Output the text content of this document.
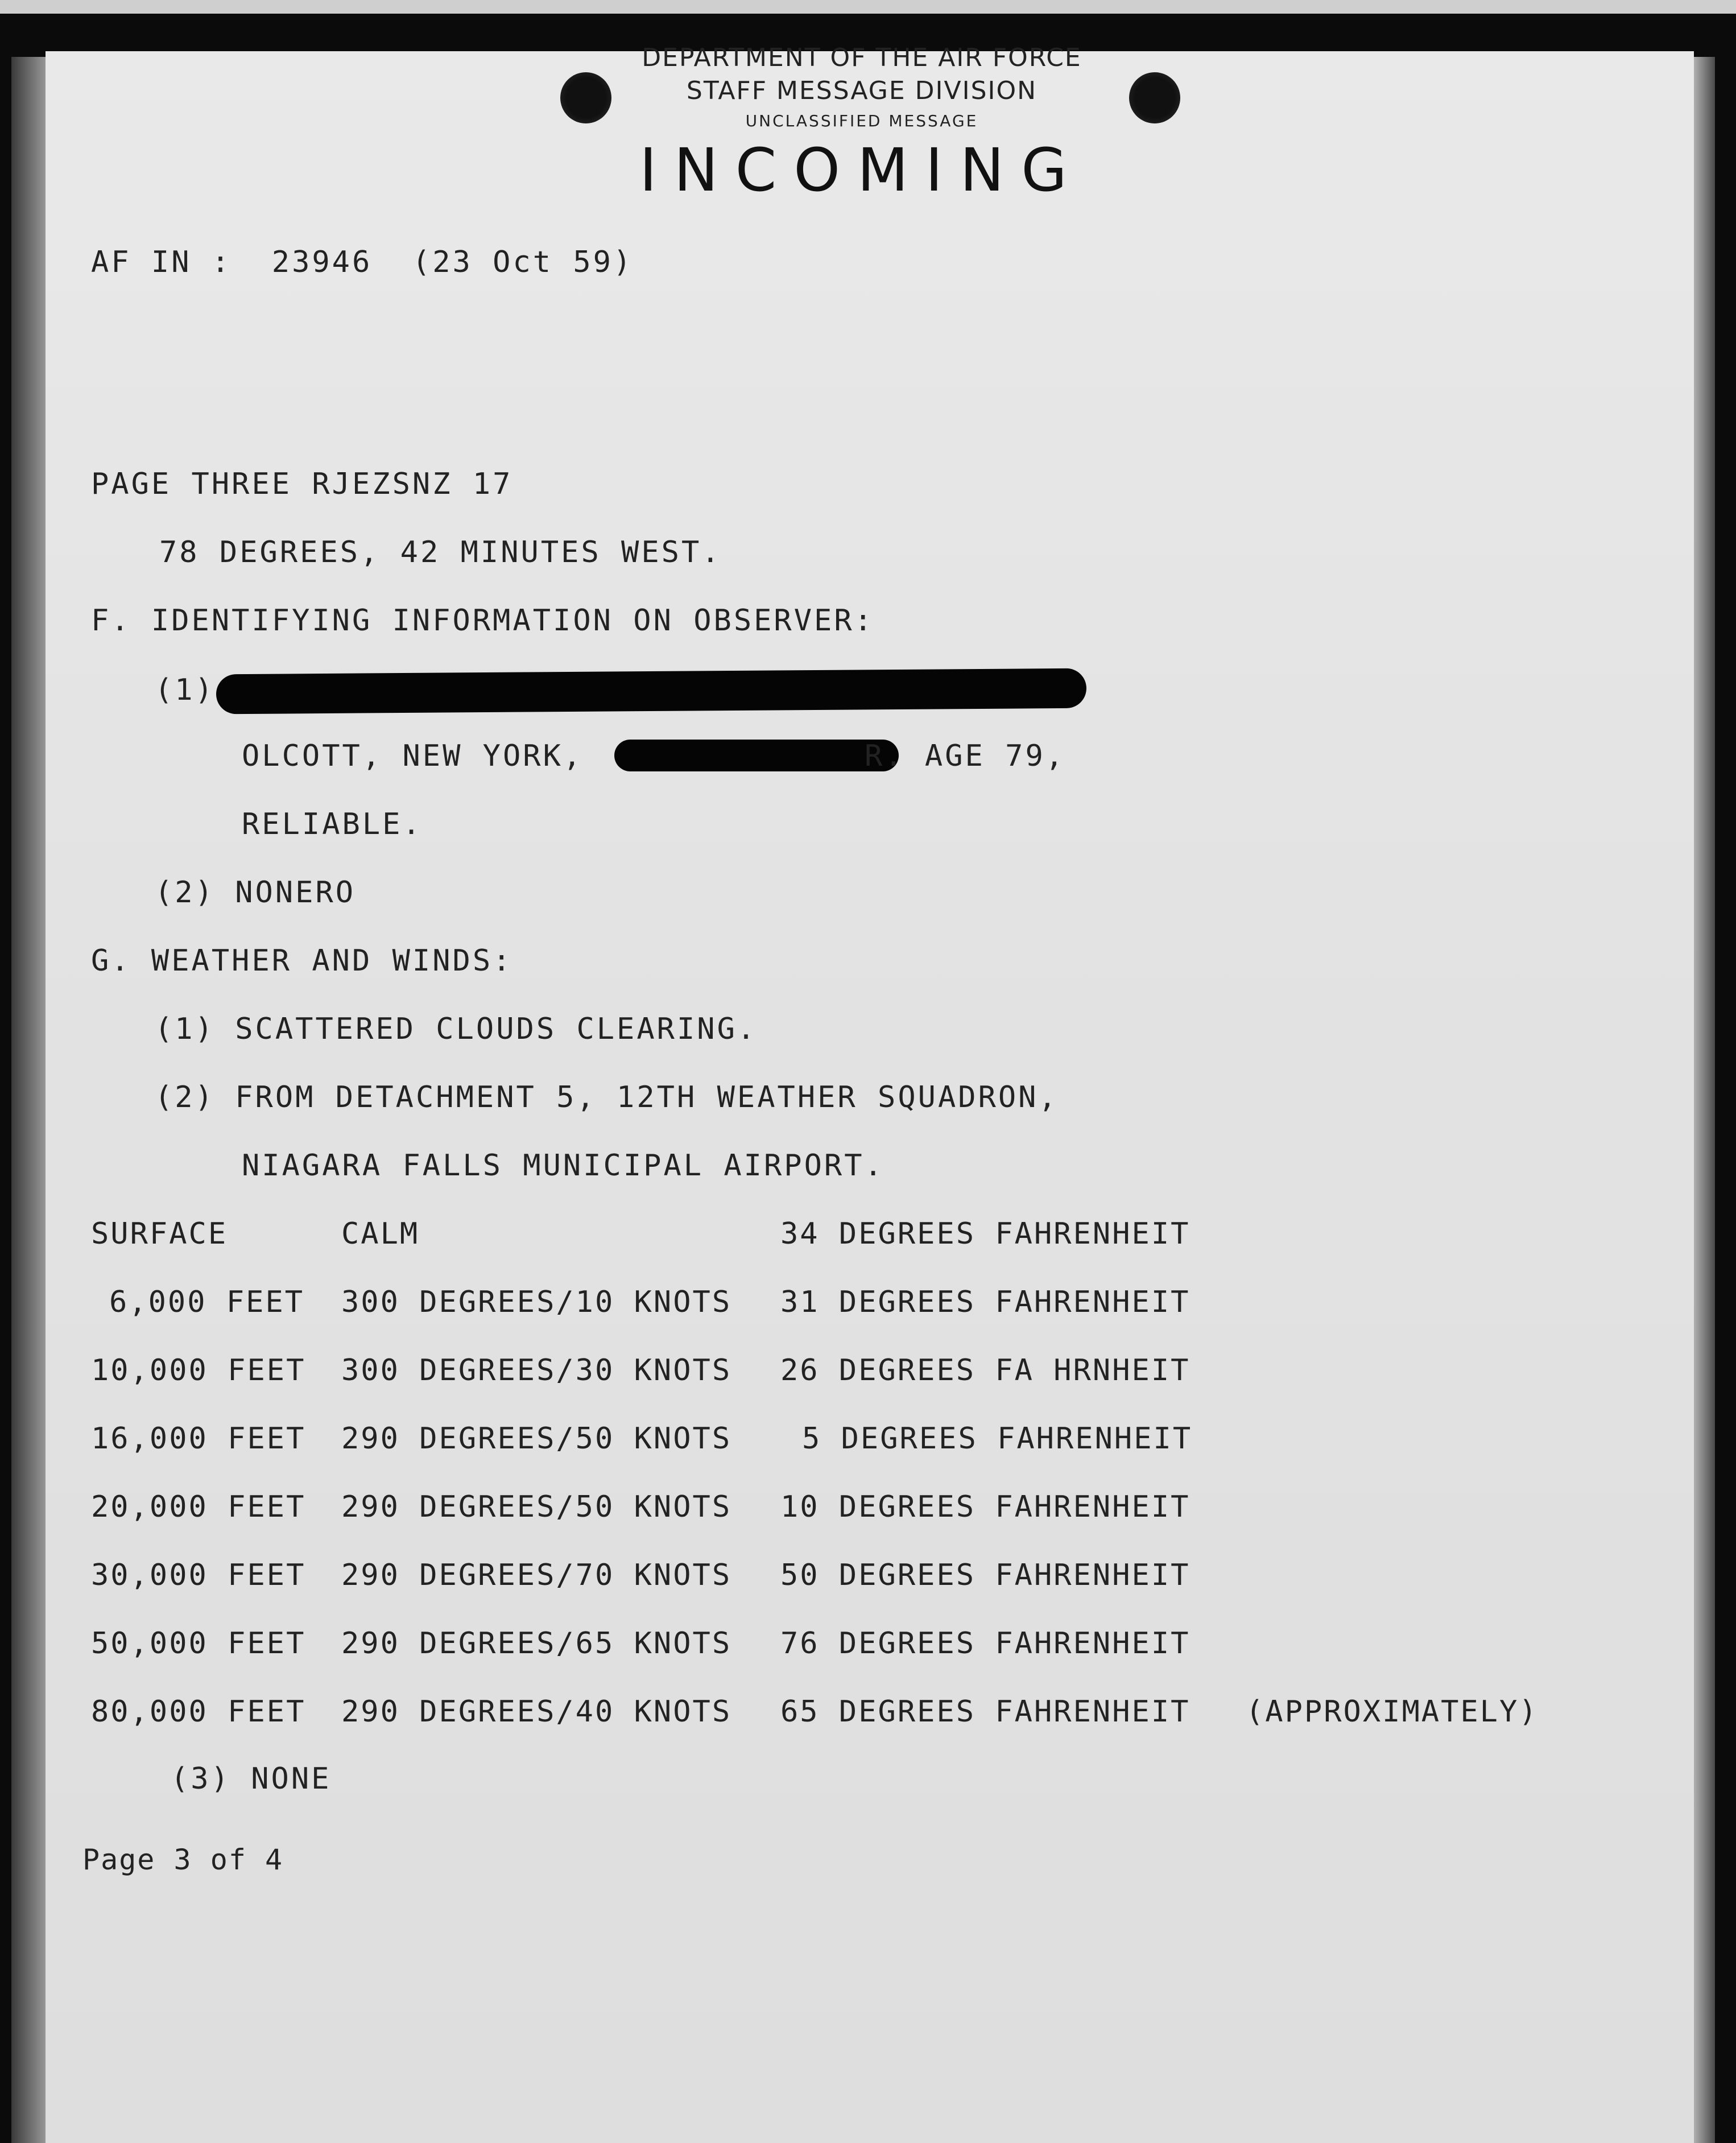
DEPARTMENT OF THE AIR FORCE
STAFF MESSAGE DIVISION
UNCLASSIFIED MESSAGE
INCOMING
AF IN :  23946  (23 Oct 59)
PAGE THREE RJEZSNZ 17
78 DEGREES, 42 MINUTES WEST.
F. IDENTIFYING INFORMATION ON OBSERVER:
(1)
OLCOTT, NEW YORK,	R. AGE 79,
RELIABLE.
(2) NONERO
G. WEATHER AND WINDS:
(1) SCATTERED CLOUDS CLEARING.
(2) FROM DETACHMENT 5, 12TH WEATHER SQUADRON,
NIAGARA FALLS MUNICIPAL AIRPORT.
SURFACE	CALM	34 DEGREES FAHRENHEIT
6,000 FEET 300 DEGREES/10 KNOTS 31 DEGREES FAHRENHEIT
10,000 FEET 300 DEGREES/30 KNOTS 26 DEGREES FA HRNHEIT
16,000 FEET 290 DEGREES/50 KNOTS 5 DEGREES FAHRENHEIT
20,000 FEET 290 DEGREES/50 KNOTS 10 DEGREES FAHRENHEIT
30,000 FEET 290 DEGREES/70 KNOTS 50 DEGREES FAHRENHEIT
50,000 FEET 290 DEGREES/65 KNOTS 76 DEGREES FAHRENHEIT
80,000 FEET 290 DEGREES/40 KNOTS 65 DEGREES FAHRENHEIT (APPROXIMATELY)
(3) NONE
Page 3 of 4
